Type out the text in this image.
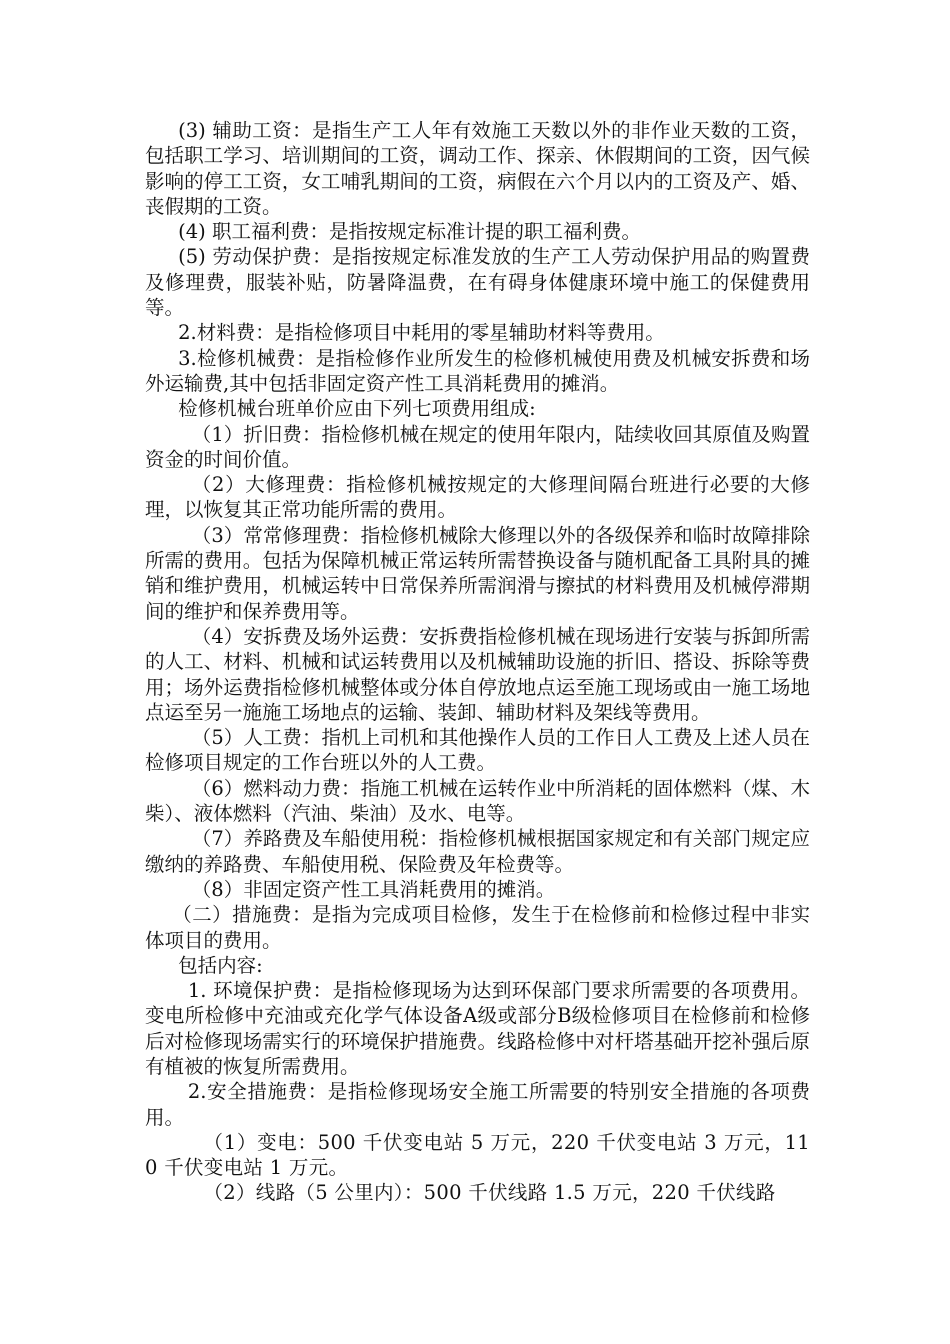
(3) 辅助工资：是指生产工人年有效施工天数以外的非作业天数的工资，包括职工学习、培训期间的工资，调动工作、探亲、休假期间的工资，因气候影响的停工工资，女工哺乳期间的工资，病假在六个月以内的工资及产、婚、丧假期的工资。

(4) 职工福利费：是指按规定标准计提的职工福利费。

(5) 劳动保护费：是指按规定标准发放的生产工人劳动保护用品的购置费及修理费，服装补贴，防暑降温费，在有碍身体健康环境中施工的保健费用等。

2.材料费：是指检修项目中耗用的零星辅助材料等费用。

3.检修机械费：是指检修作业所发生的检修机械使用费及机械安拆费和场外运输费,其中包括非固定资产性工具消耗费用的摊消。

检修机械台班单价应由下列七项费用组成:

（1）折旧费：指检修机械在规定的使用年限内，陆续收回其原值及购置资金的时间价值。

（2）大修理费：指检修机械按规定的大修理间隔台班进行必要的大修理，以恢复其正常功能所需的费用。

（3）常常修理费：指检修机械除大修理以外的各级保养和临时故障排除所需的费用。包括为保障机械正常运转所需替换设备与随机配备工具附具的摊销和维护费用，机械运转中日常保养所需润滑与擦拭的材料费用及机械停滞期间的维护和保养费用等。

（4）安拆费及场外运费：安拆费指检修机械在现场进行安装与拆卸所需的人工、材料、机械和试运转费用以及机械辅助设施的折旧、搭设、拆除等费用；场外运费指检修机械整体或分体自停放地点运至施工现场或由一施工场地点运至另一施施工场地点的运输、装卸、辅助材料及架线等费用。

（5）人工费：指机上司机和其他操作人员的工作日人工费及上述人员在检修项目规定的工作台班以外的人工费。

（6）燃料动力费：指施工机械在运转作业中所消耗的固体燃料（煤、木柴）、液体燃料（汽油、柴油）及水、电等。

（7）养路费及车船使用税：指检修机械根据国家规定和有关部门规定应缴纳的养路费、车船使用税、保险费及年检费等。

（8）非固定资产性工具消耗费用的摊消。

（二）措施费：是指为完成项目检修，发生于在检修前和检修过程中非实体项目的费用。

包括内容:

1. 环境保护费：是指检修现场为达到环保部门要求所需要的各项费用。变电所检修中充油或充化学气体设备A级或部分B级检修项目在检修前和检修后对检修现场需实行的环境保护措施费。线路检修中对杆塔基础开挖补强后原有植被的恢复所需费用。

2.安全措施费：是指检修现场安全施工所需要的特别安全措施的各项费用。

（1）变电：500 千伏变电站 5 万元，220 千伏变电站 3 万元，110 千伏变电站 1 万元。

（2）线路（5 公里内）：500 千伏线路 1.5 万元，220 千伏线路
